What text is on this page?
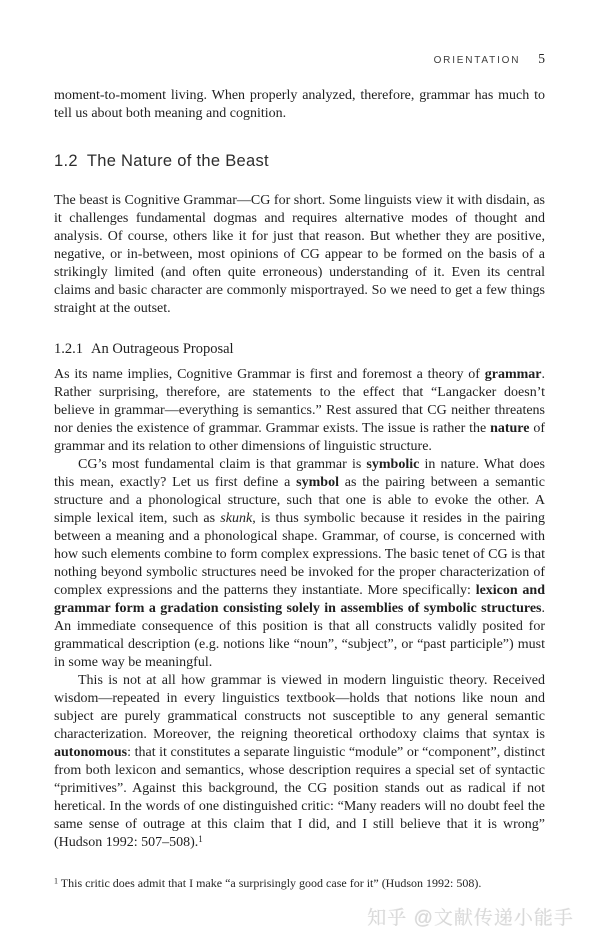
ORIENTATION 5

moment-to-moment living. When properly analyzed, therefore, grammar has much to tell us about both meaning and cognition.

1.2 The Nature of the Beast

The beast is Cognitive Grammar—CG for short. Some linguists view it with disdain, as it challenges fundamental dogmas and requires alternative modes of thought and analysis. Of course, others like it for just that reason. But whether they are positive, negative, or in-between, most opinions of CG appear to be formed on the basis of a strikingly limited (and often quite erroneous) understanding of it. Even its central claims and basic character are commonly misportrayed. So we need to get a few things straight at the outset.

1.2.1 An Outrageous Proposal

As its name implies, Cognitive Grammar is first and foremost a theory of grammar. Rather surprising, therefore, are statements to the effect that “Langacker doesn’t believe in grammar—everything is semantics.” Rest assured that CG neither threatens nor denies the existence of grammar. Grammar exists. The issue is rather the nature of grammar and its relation to other dimensions of linguistic structure.

CG’s most fundamental claim is that grammar is symbolic in nature. What does this mean, exactly? Let us first define a symbol as the pairing between a semantic structure and a phonological structure, such that one is able to evoke the other. A simple lexical item, such as skunk, is thus symbolic because it resides in the pairing between a meaning and a phonological shape. Grammar, of course, is concerned with how such elements combine to form complex expressions. The basic tenet of CG is that nothing beyond symbolic structures need be invoked for the proper characterization of complex expressions and the patterns they instantiate. More specifically: lexicon and grammar form a gradation consisting solely in assemblies of symbolic structures. An immediate consequence of this position is that all constructs validly posited for grammatical description (e.g. notions like “noun”, “subject”, or “past participle”) must in some way be meaningful.

This is not at all how grammar is viewed in modern linguistic theory. Received wisdom—repeated in every linguistics textbook—holds that notions like noun and subject are purely grammatical constructs not susceptible to any general semantic characterization. Moreover, the reigning theoretical orthodoxy claims that syntax is autonomous: that it constitutes a separate linguistic “module” or “component”, distinct from both lexicon and semantics, whose description requires a special set of syntactic “primitives”. Against this background, the CG position stands out as radical if not heretical. In the words of one distinguished critic: “Many readers will no doubt feel the same sense of outrage at this claim that I did, and I still believe that it is wrong” (Hudson 1992: 507–508).$^1$

$^1$ This critic does admit that I make “a surprisingly good case for it” (Hudson 1992: 508).
知乎 @文献传递小能手
